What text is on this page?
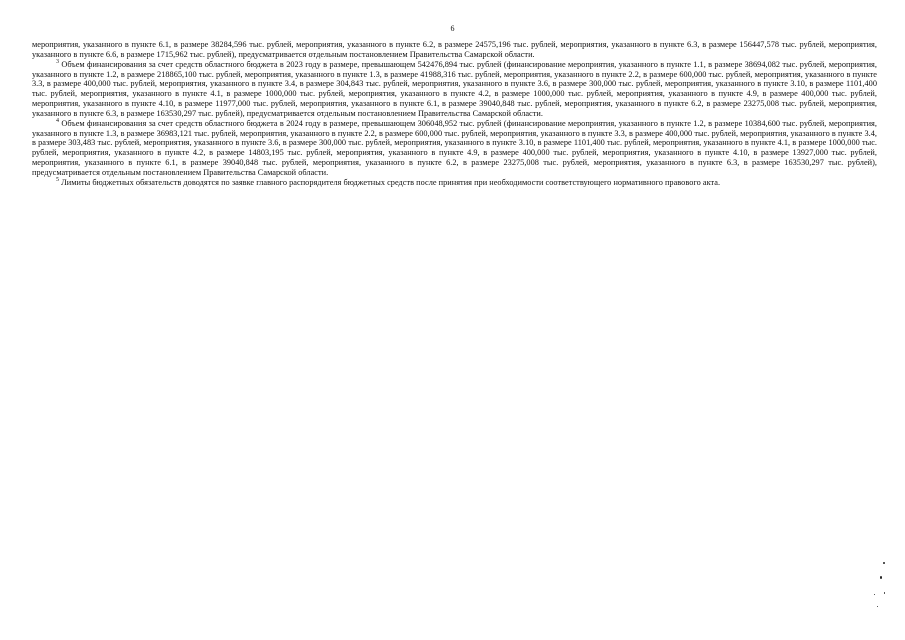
6

мероприятия, указанного в пункте 6.1, в размере 38284,596 тыс. рублей, мероприятия, указанного в пункте 6.2, в размере 24575,196 тыс. рублей, мероприятия, указанного в пункте 6.3, в размере 156447,578 тыс. рублей, мероприятия, указанного в пункте 6.6, в размере 1715,962 тыс. рублей), предусматривается отдельным постановлением Правительства Самарской области.

$^3$ Объем финансирования за счет средств областного бюджета в 2023 году в размере, превышающем 542476,894 тыс. рублей (финансирование мероприятия, указанного в пункте 1.1, в размере 38694,082 тыс. рублей, мероприятия, указанного в пункте 1.2, в размере 218865,100 тыс. рублей, мероприятия, указанного в пункте 1.3, в размере 41988,316 тыс. рублей, мероприятия, указанного в пункте 2.2, в размере 600,000 тыс. рублей, мероприятия, указанного в пункте 3.3, в размере 400,000 тыс. рублей, мероприятия, указанного в пункте 3.4, в размере 304,843 тыс. рублей, мероприятия, указанного в пункте 3.6, в размере 300,000 тыс. рублей, мероприятия, указанного в пункте 3.10, в размере 1101,400 тыс. рублей, мероприятия, указанного в пункте 4.1, в размере 1000,000 тыс. рублей, мероприятия, указанного в пункте 4.2, в размере 1000,000 тыс. рублей, мероприятия, указанного в пункте 4.9, в размере 400,000 тыс. рублей, мероприятия, указанного в пункте 4.10, в размере 11977,000 тыс. рублей, мероприятия, указанного в пункте 6.1, в размере 39040,848 тыс. рублей, мероприятия, указанного в пункте 6.2, в размере 23275,008 тыс. рублей, мероприятия, указанного в пункте 6.3, в размере 163530,297 тыс. рублей), предусматривается отдельным постановлением Правительства Самарской области.

$^4$ Объем финансирования за счет средств областного бюджета в 2024 году в размере, превышающем 306048,952 тыс. рублей (финансирование мероприятия, указанного в пункте 1.2, в размере 10384,600 тыс. рублей, мероприятия, указанного в пункте 1.3, в размере 36983,121 тыс. рублей, мероприятия, указанного в пункте 2.2, в размере 600,000 тыс. рублей, мероприятия, указанного в пункте 3.3, в размере 400,000 тыс. рублей, мероприятия, указанного в пункте 3.4, в размере 303,483 тыс. рублей, мероприятия, указанного в пункте 3.6, в размере 300,000 тыс. рублей, мероприятия, указанного в пункте 3.10, в размере 1101,400 тыс. рублей, мероприятия, указанного в пункте 4.1, в размере 1000,000 тыс. рублей, мероприятия, указанного в пункте 4.2, в размере 14803,195 тыс. рублей, мероприятия, указанного в пункте 4.9, в размере 400,000 тыс. рублей, мероприятия, указанного в пункте 4.10, в размере 13927,000 тыс. рублей, мероприятия, указанного в пункте 6.1, в размере 39040,848 тыс. рублей, мероприятия, указанного в пункте 6.2, в размере 23275,008 тыс. рублей, мероприятия, указанного в пункте 6.3, в размере 163530,297 тыс. рублей), предусматривается отдельным постановлением Правительства Самарской области.

$^5$ Лимиты бюджетных обязательств доводятся по заявке главного распорядителя бюджетных средств после принятия при необходимости соответствующего нормативного правового акта.
